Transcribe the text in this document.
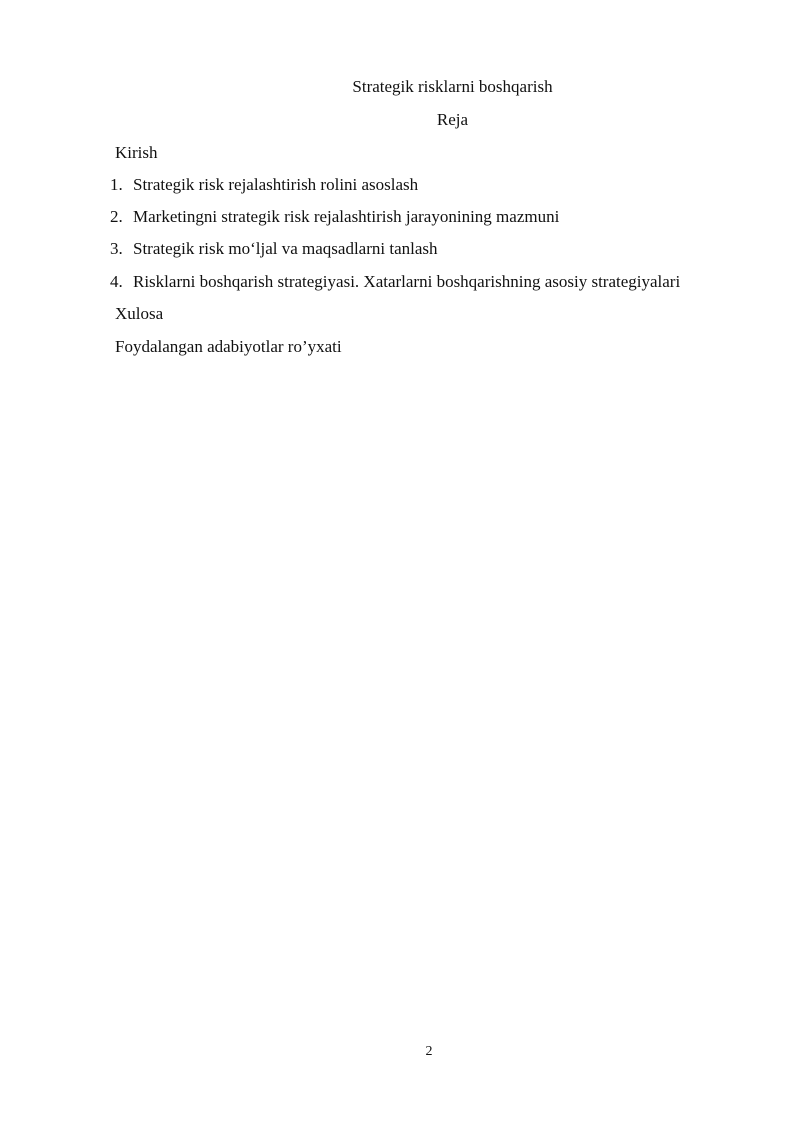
Strategik risklarni boshqarish
Reja
Kirish
1. Strategik risk rejalashtirish rolini asoslash
2. Marketingni strategik risk rejalashtirish jarayonining mazmuni
3. Strategik risk mo‘ljal va maqsadlarni tanlash
4. Risklarni boshqarish strategiyasi. Xatarlarni boshqarishning asosiy strategiyalari
Xulosa
Foydalangan adabiyotlar ro’yxati
2
